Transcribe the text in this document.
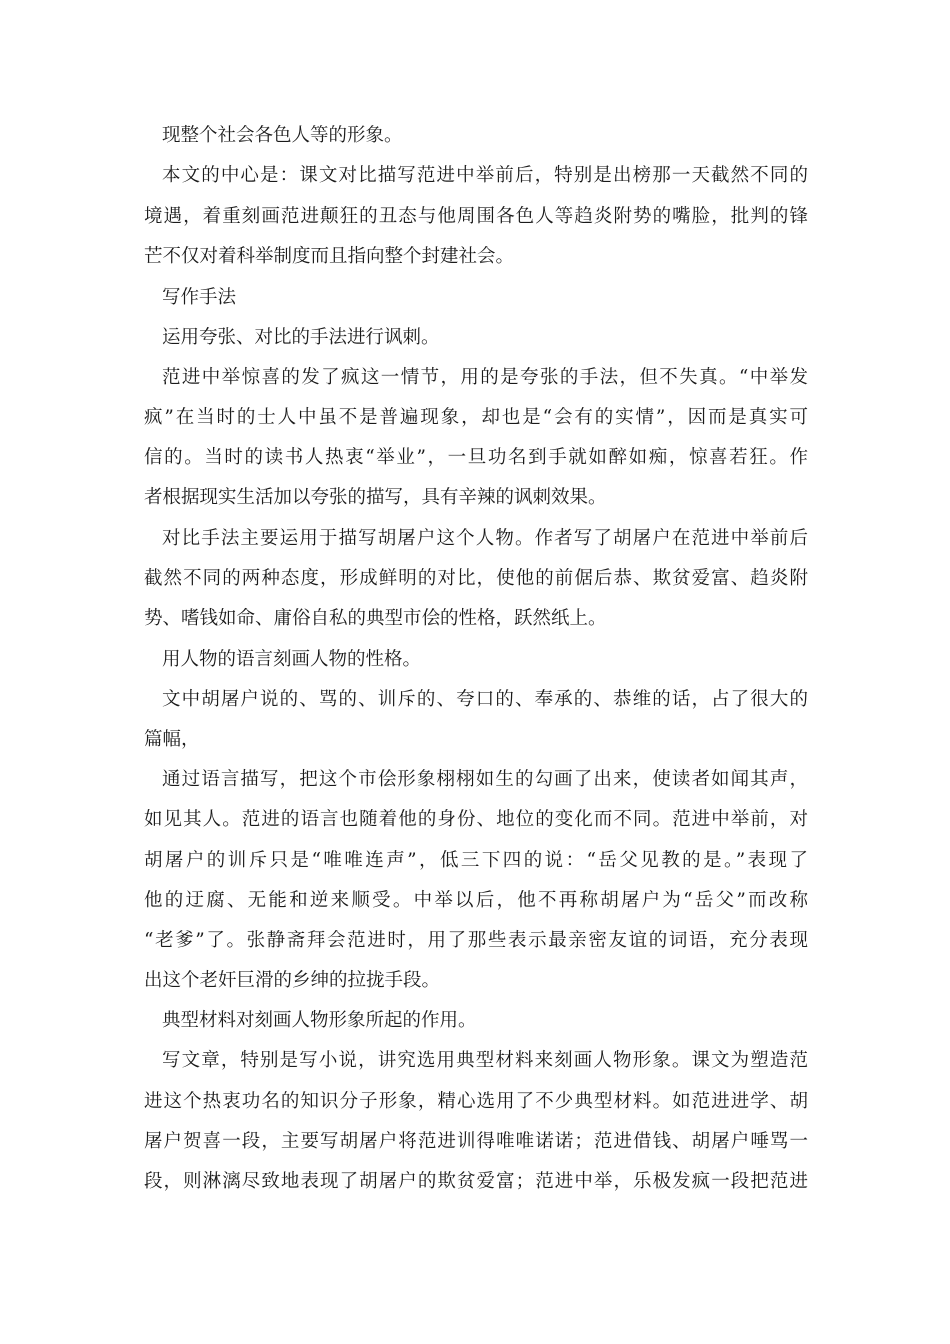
现整个社会各色人等的形象。
本文的中心是：课文对比描写范进中举前后，特别是出榜那一天截然不同的
境遇，着重刻画范进颠狂的丑态与他周围各色人等趋炎附势的嘴脸，批判的锋
芒不仅对着科举制度而且指向整个封建社会。
写作手法
运用夸张、对比的手法进行讽刺。
范进中举惊喜的发了疯这一情节，用的是夸张的手法，但不失真。“中举发
疯”在当时的士人中虽不是普遍现象，却也是“会有的实情”，因而是真实可
信的。当时的读书人热衷“举业”，一旦功名到手就如醉如痴，惊喜若狂。作
者根据现实生活加以夸张的描写，具有辛辣的讽刺效果。
对比手法主要运用于描写胡屠户这个人物。作者写了胡屠户在范进中举前后
截然不同的两种态度，形成鲜明的对比，使他的前倨后恭、欺贫爱富、趋炎附
势、嗜钱如命、庸俗自私的典型市侩的性格，跃然纸上。
用人物的语言刻画人物的性格。
文中胡屠户说的、骂的、训斥的、夸口的、奉承的、恭维的话，占了很大的
篇幅，
通过语言描写，把这个市侩形象栩栩如生的勾画了出来，使读者如闻其声，
如见其人。范进的语言也随着他的身份、地位的变化而不同。范进中举前，对
胡屠户的训斥只是“唯唯连声”，低三下四的说：“岳父见教的是。”表现了
他的迂腐、无能和逆来顺受。中举以后，他不再称胡屠户为“岳父”而改称
“老爹”了。张静斋拜会范进时，用了那些表示最亲密友谊的词语，充分表现
出这个老奸巨滑的乡绅的拉拢手段。
典型材料对刻画人物形象所起的作用。
写文章，特别是写小说，讲究选用典型材料来刻画人物形象。课文为塑造范
进这个热衷功名的知识分子形象，精心选用了不少典型材料。如范进进学、胡
屠户贺喜一段，主要写胡屠户将范进训得唯唯诺诺；范进借钱、胡屠户唾骂一
段，则淋漓尽致地表现了胡屠户的欺贫爱富；范进中举，乐极发疯一段把范进
